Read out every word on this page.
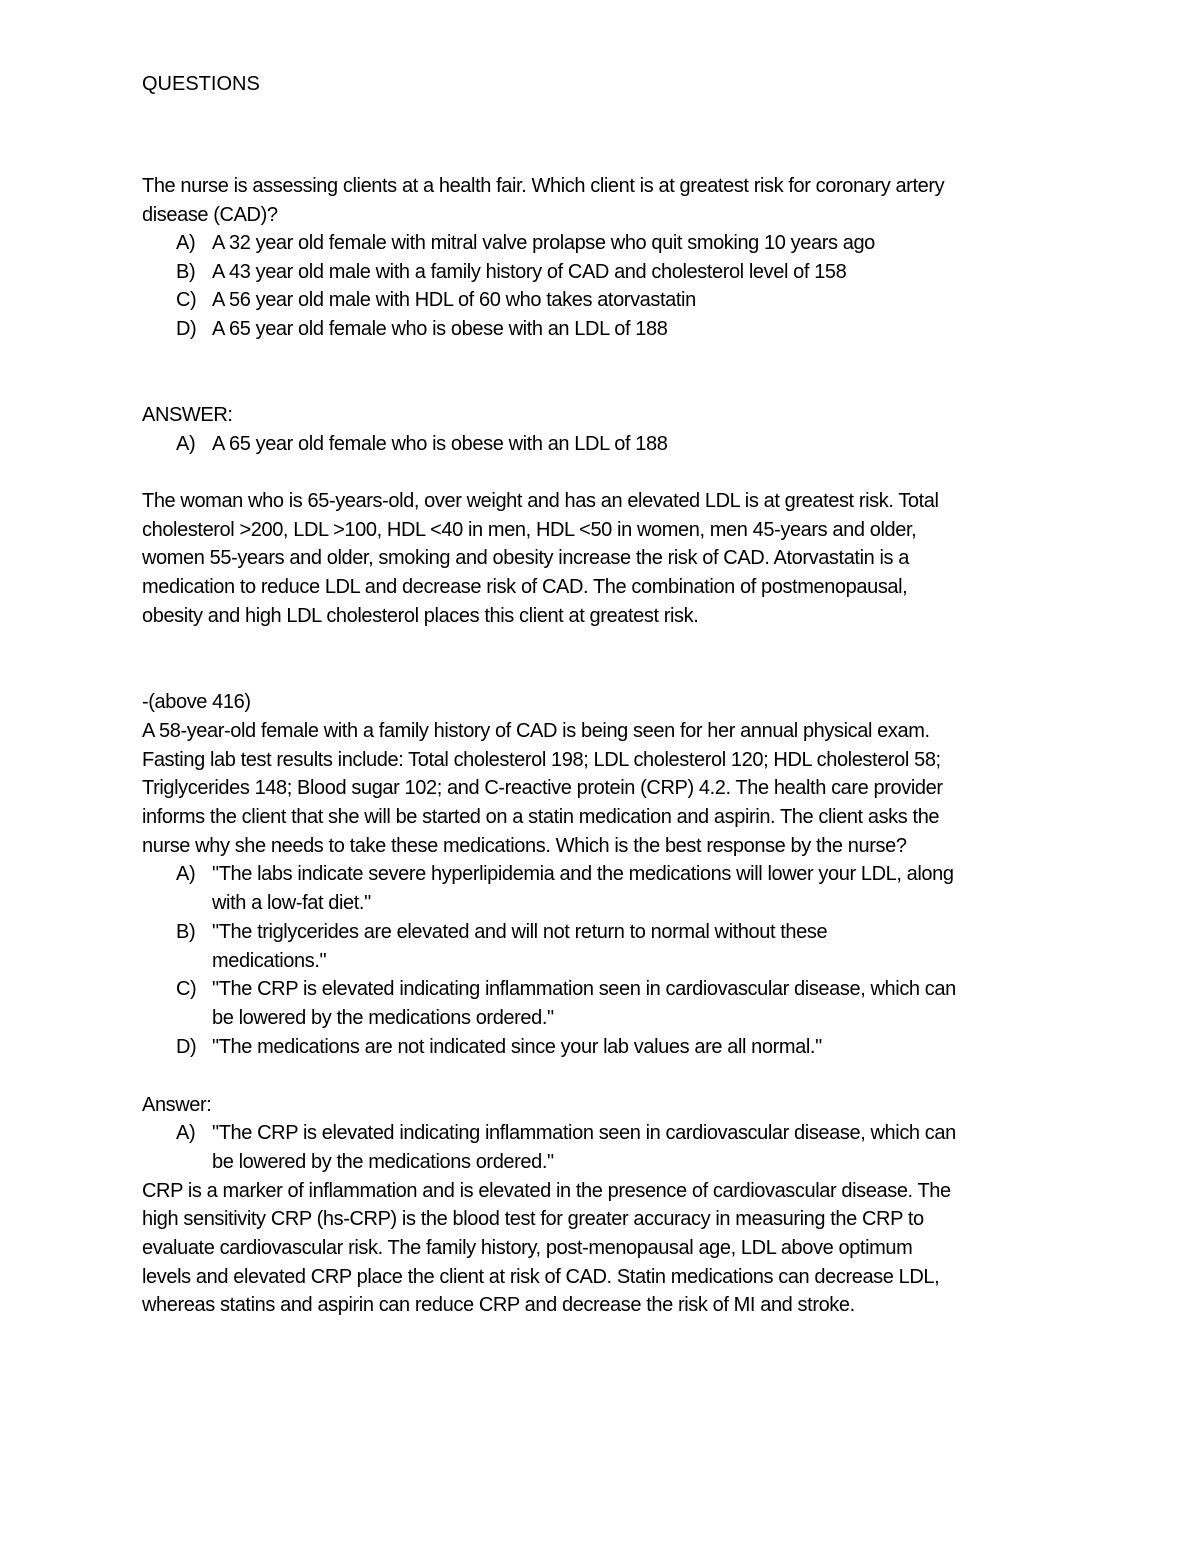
QUESTIONS
The nurse is assessing clients at a health fair. Which client is at greatest risk for coronary artery
disease (CAD)?
A) A 32 year old female with mitral valve prolapse who quit smoking 10 years ago
B) A 43 year old male with a family history of CAD and cholesterol level of 158
C) A 56 year old male with HDL of 60 who takes atorvastatin
D) A 65 year old female who is obese with an LDL of 188
ANSWER:
A) A 65 year old female who is obese with an LDL of 188
The woman who is 65-years-old, over weight and has an elevated LDL is at greatest risk. Total
cholesterol >200, LDL >100, HDL <40 in men, HDL <50 in women, men 45-years and older,
women 55-years and older, smoking and obesity increase the risk of CAD. Atorvastatin is a
medication to reduce LDL and decrease risk of CAD. The combination of postmenopausal,
obesity and high LDL cholesterol places this client at greatest risk.
-(above 416)
A 58-year-old female with a family history of CAD is being seen for her annual physical exam.
Fasting lab test results include: Total cholesterol 198; LDL cholesterol 120; HDL cholesterol 58;
Triglycerides 148; Blood sugar 102; and C-reactive protein (CRP) 4.2. The health care provider
informs the client that she will be started on a statin medication and aspirin. The client asks the
nurse why she needs to take these medications. Which is the best response by the nurse?
A) "The labs indicate severe hyperlipidemia and the medications will lower your LDL, along
with a low-fat diet."
B) "The triglycerides are elevated and will not return to normal without these
medications."
C) "The CRP is elevated indicating inflammation seen in cardiovascular disease, which can
be lowered by the medications ordered."
D) "The medications are not indicated since your lab values are all normal."
Answer:
A) "The CRP is elevated indicating inflammation seen in cardiovascular disease, which can
be lowered by the medications ordered."
CRP is a marker of inflammation and is elevated in the presence of cardiovascular disease. The
high sensitivity CRP (hs-CRP) is the blood test for greater accuracy in measuring the CRP to
evaluate cardiovascular risk. The family history, post-menopausal age, LDL above optimum
levels and elevated CRP place the client at risk of CAD. Statin medications can decrease LDL,
whereas statins and aspirin can reduce CRP and decrease the risk of MI and stroke.
